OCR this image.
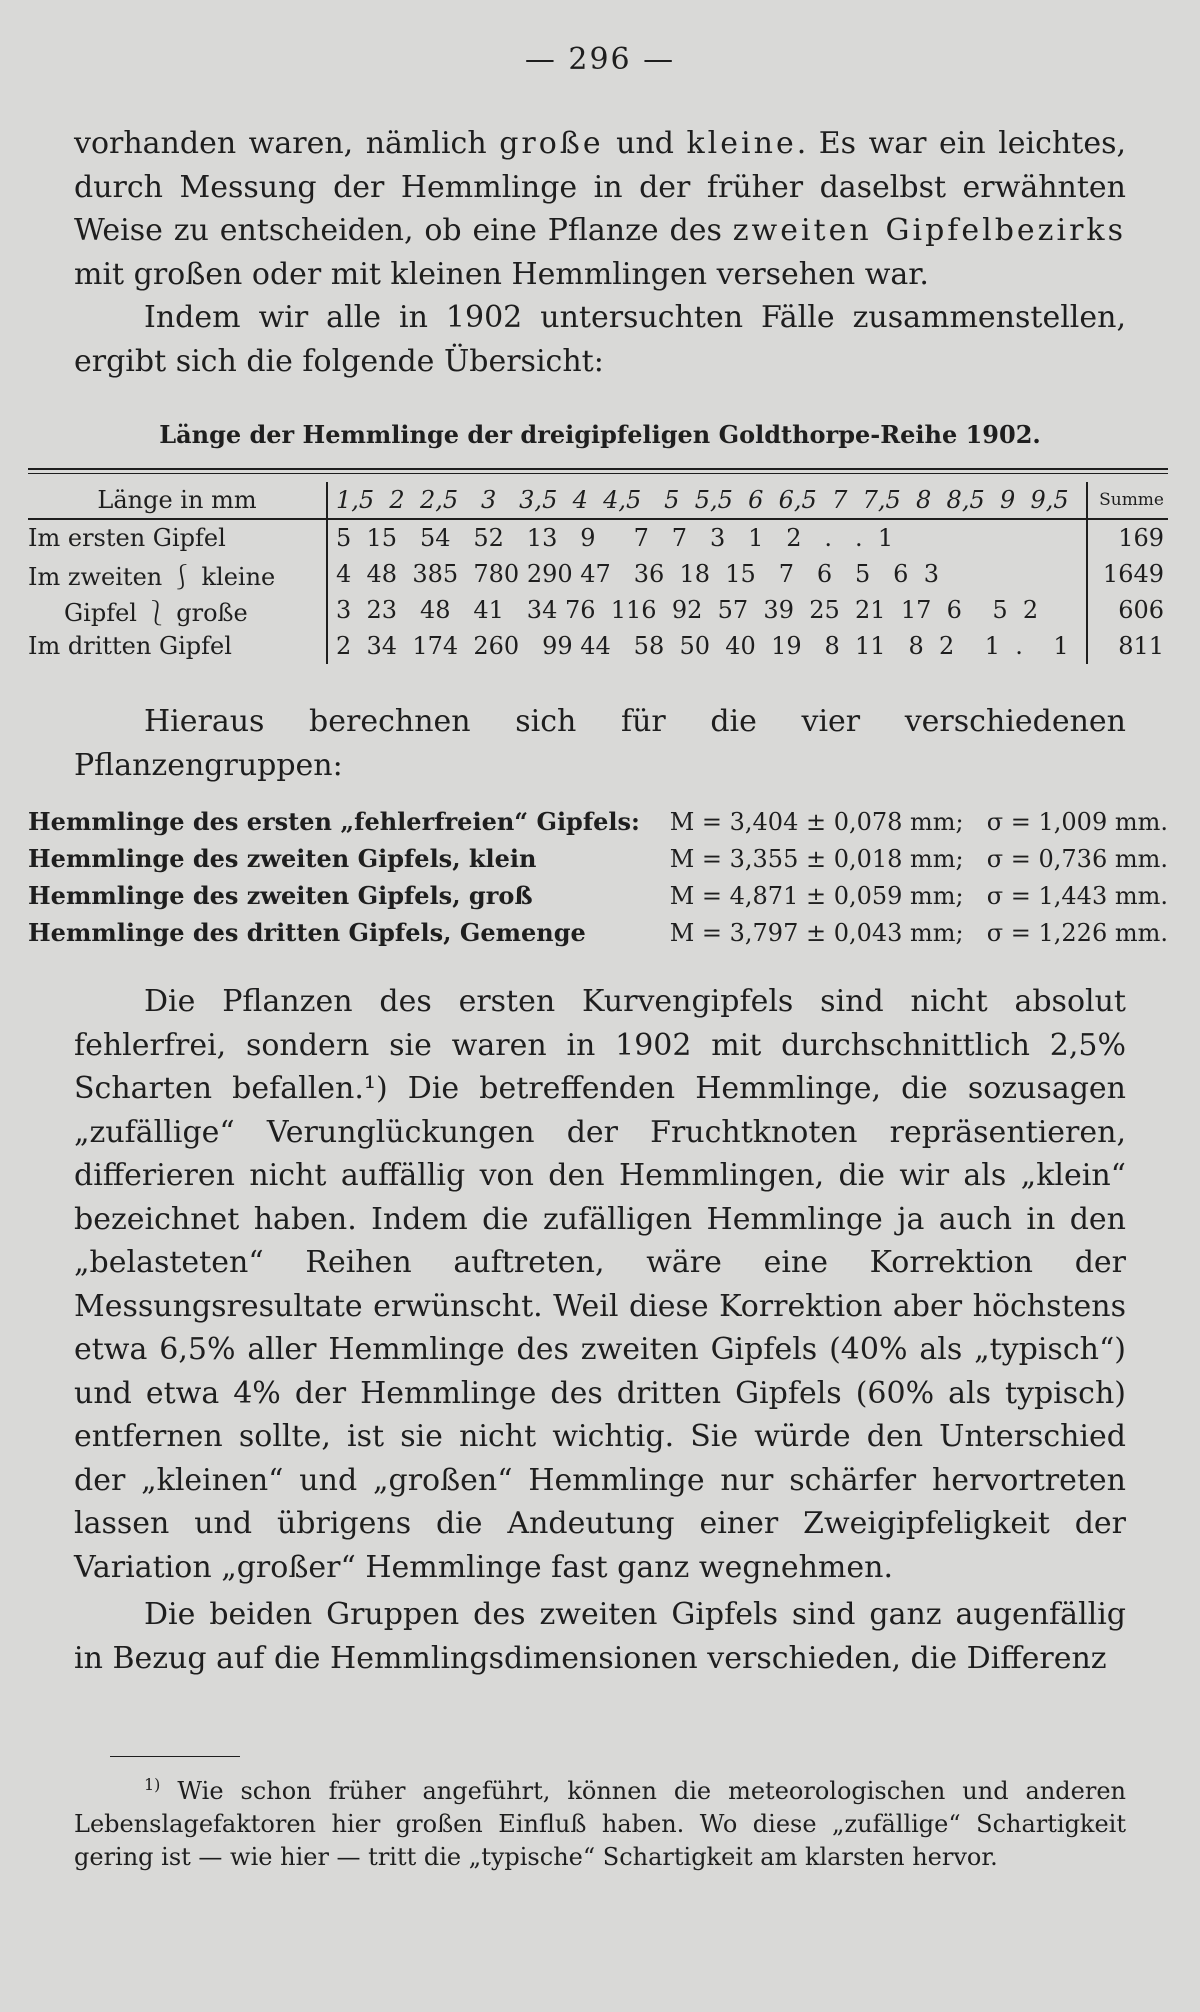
— 296 —

vorhanden waren, nämlich große und kleine. Es war ein leichtes, durch Messung der Hemmlinge in der früher daselbst erwähnten Weise zu entscheiden, ob eine Pflanze des zweiten Gipfelbezirks mit großen oder mit kleinen Hemmlingen versehen war.

Indem wir alle in 1902 untersuchten Fälle zusammenstellen, ergibt sich die folgende Übersicht:

Länge der Hemmlinge der dreigipfeligen Goldthorpe-Reihe 1902.
Länge in mm	1,5  2  2,5   3   3,5  4  4,5   5  5,5  6  6,5  7  7,5  8  8,5  9  9,5	Summe
Im ersten Gipfel	5  15   54   52   13   9     7   7   3   1   2   .   .  1	169
Im zweiten ⎰ kleine	4  48  385  780 290 47   36  18  15   7   6   5   6  3	1649
Gipfel ⎱ große	3  23   48   41   34 76  116  92  57  39  25  21  17  6    5  2	606
Im dritten Gipfel	2  34  174  260   99 44   58  50  40  19   8  11   8  2    1  .    1	811

Hieraus berechnen sich für die vier verschiedenen Pflanzengruppen:

Hemmlinge des ersten „fehlerfreien“ Gipfels:	M = 3,404 ± 0,078 mm;	σ = 1,009 mm.
Hemmlinge des zweiten Gipfels, klein	M = 3,355 ± 0,018 mm;	σ = 0,736 mm.
Hemmlinge des zweiten Gipfels, groß	M = 4,871 ± 0,059 mm;	σ = 1,443 mm.
Hemmlinge des dritten Gipfels, Gemenge	M = 3,797 ± 0,043 mm;	σ = 1,226 mm.

Die Pflanzen des ersten Kurvengipfels sind nicht absolut fehlerfrei, sondern sie waren in 1902 mit durchschnittlich 2,5% Scharten befallen.¹) Die betreffenden Hemmlinge, die sozusagen „zufällige“ Verunglückungen der Fruchtknoten repräsentieren, differieren nicht auffällig von den Hemmlingen, die wir als „klein“ bezeichnet haben. Indem die zufälligen Hemmlinge ja auch in den „belasteten“ Reihen auftreten, wäre eine Korrektion der Messungsresultate erwünscht. Weil diese Korrektion aber höchstens etwa 6,5% aller Hemmlinge des zweiten Gipfels (40% als „typisch“) und etwa 4% der Hemmlinge des dritten Gipfels (60% als typisch) entfernen sollte, ist sie nicht wichtig. Sie würde den Unterschied der „kleinen“ und „großen“ Hemmlinge nur schärfer hervortreten lassen und übrigens die Andeutung einer Zweigipfeligkeit der Variation „großer“ Hemmlinge fast ganz wegnehmen.

Die beiden Gruppen des zweiten Gipfels sind ganz augenfällig in Bezug auf die Hemmlingsdimensionen verschieden, die Differenz

$^{1)}$ Wie schon früher angeführt, können die meteorologischen und anderen Lebenslagefaktoren hier großen Einfluß haben. Wo diese „zufällige“ Schartigkeit gering ist — wie hier — tritt die „typische“ Schartigkeit am klarsten hervor.
